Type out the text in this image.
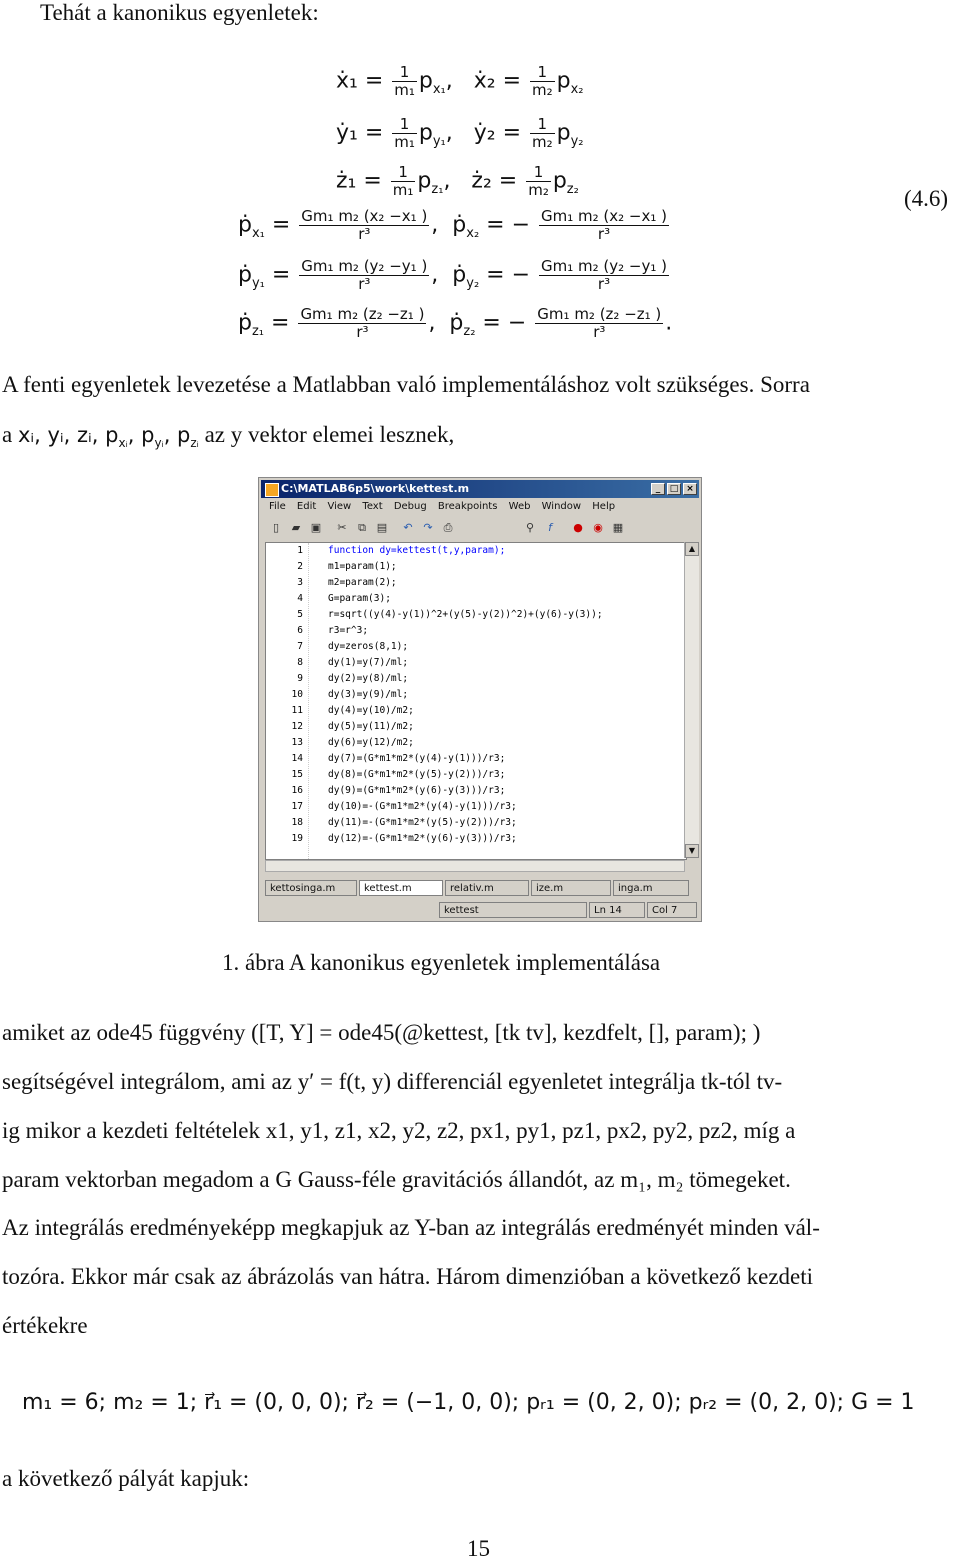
Tehát a kanonikus egyenletek:
ẋ₁ = $\frac{1}{\text{m₁}} p_{x_1}$,   ẋ₂ = $\frac{1}{\text{m₂}} p_{x_2}$
ẏ₁ = $\frac{1}{\text{m₁}} p_{y_1}$,   ẏ₂ = $\frac{1}{\text{m₂}} p_{y_2}$
ż₁ = $\frac{1}{\text{m₁}} p_{z_1}$,   ż₂ = $\frac{1}{\text{m₂}} p_{z_2}$
ṗ$_{x_1}$ = $\frac{\text{Gm₁ m₂ (x₂ −x₁ )}}{\text{r³}}$ ,  ṗ$_{x_2}$ = − $\frac{\text{Gm₁ m₂ (x₂ −x₁ )}}{\text{r³}}$
ṗ$_{y_1}$ = $\frac{\text{Gm₁ m₂ (y₂ −y₁ )}}{\text{r³}}$ ,  ṗ$_{y_2}$ = − $\frac{\text{Gm₁ m₂ (y₂ −y₁ )}}{\text{r³}}$
ṗ$_{z_1}$ = $\frac{\text{Gm₁ m₂ (z₂ −z₁ )}}{\text{r³}}$ ,  ṗ$_{z_2}$ = − $\frac{\text{Gm₁ m₂ (z₂ −z₁ )}}{\text{r³}}$ .
(4.6)
A fenti egyenletek levezetése a Matlabban való implementáláshoz volt szükséges. Sorra
a xᵢ, yᵢ, zᵢ, $p_{xᵢ}$, $p_{yᵢ}$, $p_{zᵢ}$ az y vektor elemei lesznek,
C:\MATLAB6p5\work\kettest.m	_	□ ×
File Edit View Text Debug Breakpoints Web Window Help
▯	▰ ▣ ✂ ⧉ ▤ ↶ ↷ ⎙	⚲	f	● ◉ ▦
1
2
3
4
5
6
7
8
9
10
11
12
13
14
15
16
17
18
19
function dy=kettest(t,y,param);
m1=param(1);
m2=param(2);
G=param(3);
r=sqrt((y(4)-y(1))^2+(y(5)-y(2))^2)+(y(6)-y(3));
r3=r^3;
dy=zeros(8,1);
dy(1)=y(7)/ml;
dy(2)=y(8)/ml;
dy(3)=y(9)/ml;
dy(4)=y(10)/m2;
dy(5)=y(11)/m2;
dy(6)=y(12)/m2;
dy(7)=(G*m1*m2*(y(4)-y(1)))/r3;
dy(8)=(G*m1*m2*(y(5)-y(2)))/r3;
dy(9)=(G*m1*m2*(y(6)-y(3)))/r3;
dy(10)=-(G*m1*m2*(y(4)-y(1)))/r3;
dy(11)=-(G*m1*m2*(y(5)-y(2)))/r3;
dy(12)=-(G*m1*m2*(y(6)-y(3)))/r3;
▲
▼
kettosinga.m	kettest.m	relativ.m	ize.m	inga.m
kettest	Ln 14	Col 7
1. ábra A kanonikus egyenletek implementálása
amiket az ode45 függvény ([T, Y] = ode45(@kettest, [tk tv], kezdfelt, [], param); )
segítségével integrálom, ami az y′ = f(t, y) differenciál egyenletet integrálja tk-tól tv-
ig mikor a kezdeti feltételek x1, y1, z1, x2, y2, z2, px1, py1, pz1, px2, py2, pz2, míg a
param vektorban megadom a G Gauss-féle gravitációs állandót, az m₁, m₂ tömegeket.
Az integrálás eredményeképp megkapjuk az Y-ban az integrálás eredményét minden vál-
tozóra. Ekkor már csak az ábrázolás van hátra. Három dimenzióban a következő kezdeti
értékekre
m₁ = 6; m₂ = 1; r⃗₁ = (0, 0, 0); r⃗₂ = (−1, 0, 0); pᵣ₁ = (0, 2, 0); pᵣ₂ = (0, 2, 0); G = 1
a következő pályát kapjuk:
15
